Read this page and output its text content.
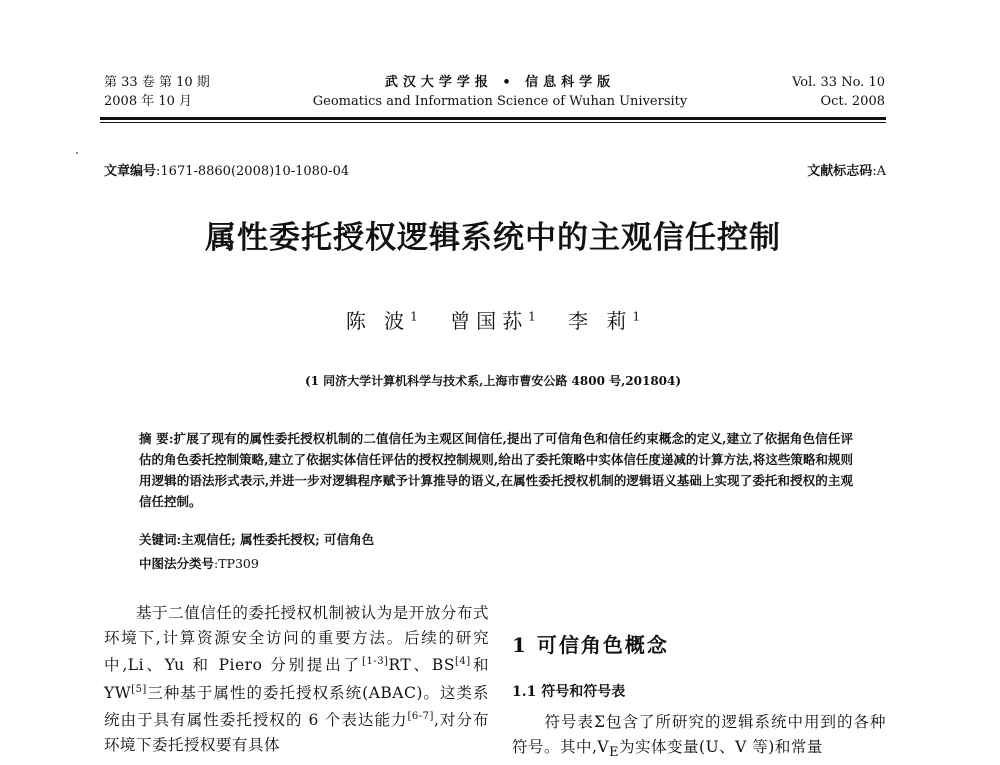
第 33 卷 第 10 期
2008 年 10 月
武汉大学学报 • 信息科学版
Geomatics and Information Science of Wuhan University
Vol. 33 No. 10
Oct. 2008
文章编号:1671-8860(2008)10-1080-04	文献标志码:A
属性委托授权逻辑系统中的主观信任控制
陈 波$^1$ 曾国荪$^1$ 李 莉$^1$
(1 同济大学计算机科学与技术系,上海市曹安公路 4800 号,201804)
摘 要:扩展了现有的属性委托授权机制的二值信任为主观区间信任,提出了可信角色和信任约束概念的定义,建立了依据角色信任评估的角色委托控制策略,建立了依据实体信任评估的授权控制规则,给出了委托策略中实体信任度递减的计算方法,将这些策略和规则用逻辑的语法形式表示,并进一步对逻辑程序赋予计算推导的语义,在属性委托授权机制的逻辑语义基础上实现了委托和授权的主观信任控制。
关键词:主观信任; 属性委托授权; 可信角色
中图法分类号:TP309
  基于二值信任的委托授权机制被认为是开放分布式环境下,计算资源安全访问的重要方法。后续的研究中,Li、Yu 和 Piero 分别提出了[1-3]RT、BS[4]和 YW[5]三种基于属性的委托授权系统(ABAC)。这类系统由于具有属性委托授权的 6 个表达能力[6-7],对分布环境下委托授权要有具体
1 可信角色概念
1.1 符号和符号表
  符号表Σ包含了所研究的逻辑系统中用到的各种符号。其中$,V_E$为实体变量(U、V 等)和常量
